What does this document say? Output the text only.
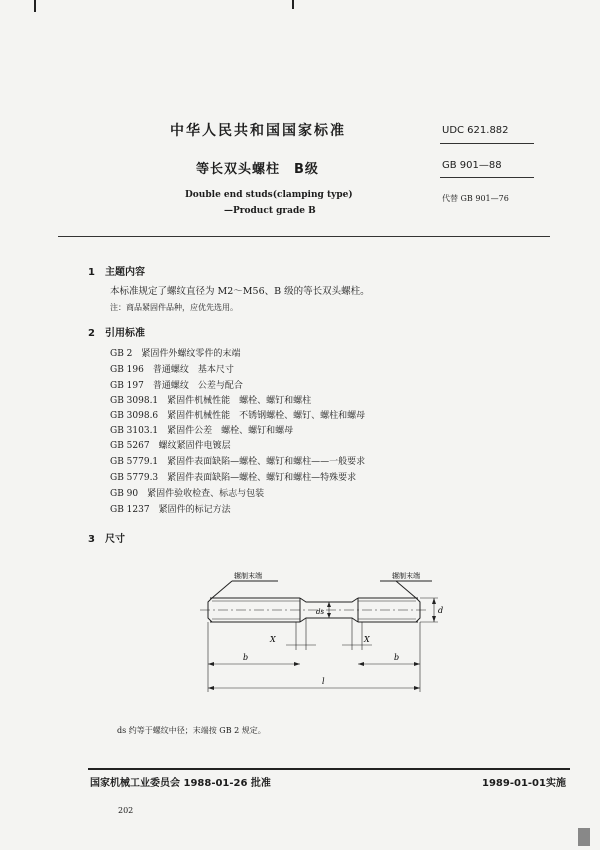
中华人民共和国国家标准	UDC 621.882
等长双头螺柱　B级	GB 901—88
Double end studs(clamping type)	代替 GB 901—76
—Product grade B
1　主题内容
本标准规定了螺纹直径为 M2～M56、B 级的等长双头螺柱。
注：商品紧固件品种，应优先选用。
2　引用标准
GB 2　紧固件外螺纹零件的末端
GB 196　普通螺纹　基本尺寸
GB 197　普通螺纹　公差与配合
GB 3098.1　紧固件机械性能　螺栓、螺钉和螺柱
GB 3098.6　紧固件机械性能　不锈钢螺栓、螺钉、螺柱和螺母
GB 3103.1　紧固件公差　螺栓、螺钉和螺母
GB 5267　螺纹紧固件电镀层
GB 5779.1　紧固件表面缺陷—螺栓、螺钉和螺柱——一般要求
GB 5779.3　紧固件表面缺陷—螺栓、螺钉和螺柱—特殊要求
GB 90　紧固件验收检查、标志与包装
GB 1237　紧固件的标记方法
3　尺寸
辗制末端	辗制末端
ds	d
X	X
b	b
l
ds 约等于螺纹中径；末端按 GB 2 规定。
国家机械工业委员会 1988-01-26 批准	1989-01-01实施
202
